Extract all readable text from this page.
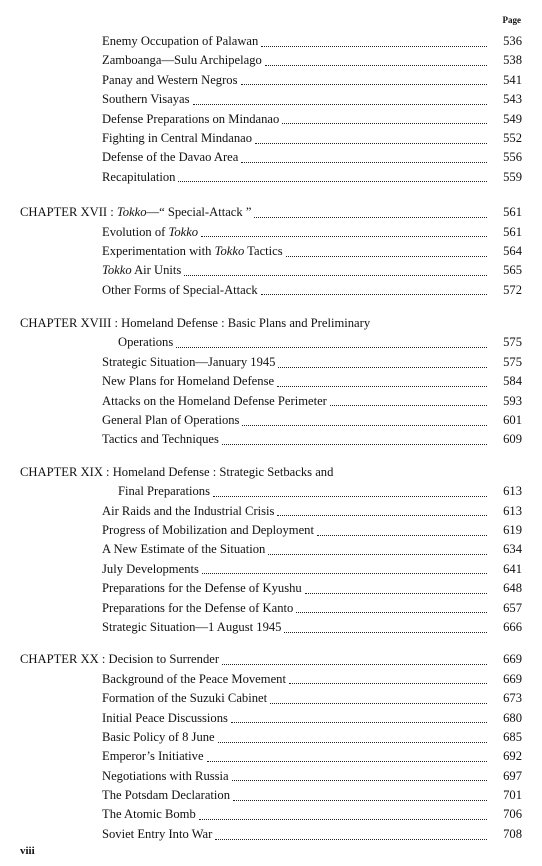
Page
Enemy Occupation of Palawan	536
Zamboanga—Sulu Archipelago	538
Panay and Western Negros	541
Southern Visayas	543
Defense Preparations on Mindanao	549
Fighting in Central Mindanao	552
Defense of the Davao Area	556
Recapitulation	559
CHAPTER XVII : Tokko—“ Special-Attack ”	561
Evolution of Tokko	561
Experimentation with Tokko Tactics	564
Tokko Air Units	565
Other Forms of Special-Attack	572
CHAPTER XVIII : Homeland Defense : Basic Plans and Preliminary
Operations	575
Strategic Situation—January 1945	575
New Plans for Homeland Defense	584
Attacks on the Homeland Defense Perimeter	593
General Plan of Operations	601
Tactics and Techniques	609
CHAPTER XIX : Homeland Defense : Strategic Setbacks and
Final Preparations	613
Air Raids and the Industrial Crisis	613
Progress of Mobilization and Deployment	619
A New Estimate of the Situation	634
July Developments	641
Preparations for the Defense of Kyushu	648
Preparations for the Defense of Kanto	657
Strategic Situation—1 August 1945	666
CHAPTER XX : Decision to Surrender	669
Background of the Peace Movement	669
Formation of the Suzuki Cabinet	673
Initial Peace Discussions	680
Basic Policy of 8 June	685
Emperor’s Initiative	692
Negotiations with Russia	697
The Potsdam Declaration	701
The Atomic Bomb	706
Soviet Entry Into War	708
viii
